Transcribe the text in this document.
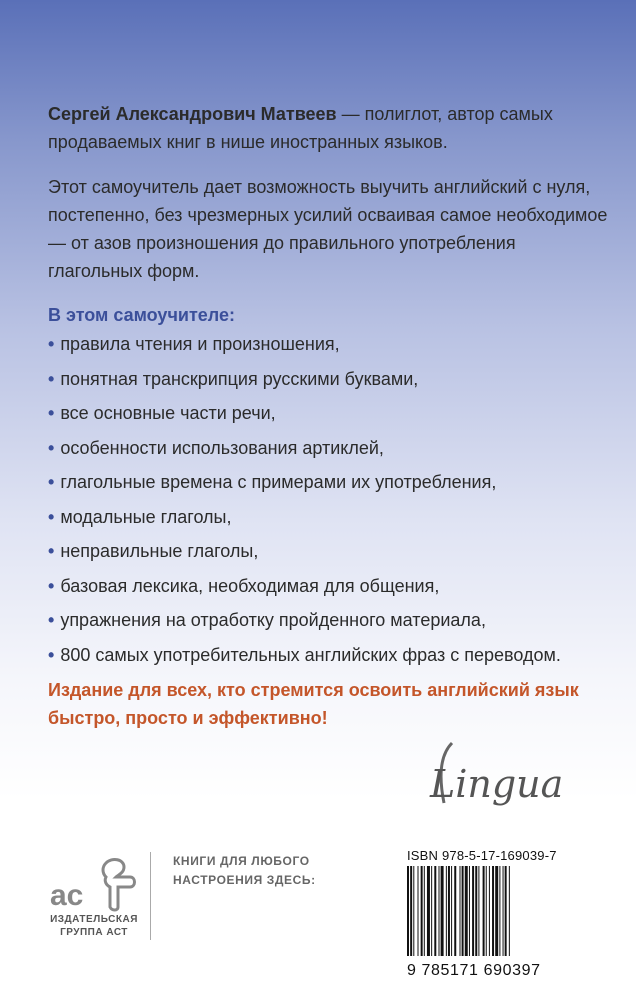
Сергей Александрович Матвеев — полиглот, автор самых продаваемых книг в нише иностранных языков.
Этот самоучитель дает возможность выучить английский с нуля, постепенно, без чрезмерных усилий осваивая самое необходимое — от азов произношения до правильного употребления глагольных форм.
В этом самоучителе:
• правила чтения и произношения,
• понятная транскрипция русскими буквами,
• все основные части речи,
• особенности использования артиклей,
• глагольные времена с примерами их употребления,
• модальные глаголы,
• неправильные глаголы,
• базовая лексика, необходимая для общения,
• упражнения на отработку пройденного материала,
• 800 самых употребительных английских фраз с переводом.
Издание для всех, кто стремится освоить английский язык быстро, просто и эффективно!
Lingua
ac
ИЗДАТЕЛЬСКАЯ
ГРУППА АСТ
КНИГИ ДЛЯ ЛЮБОГО
НАСТРОЕНИЯ ЗДЕСЬ:
ISBN 978-5-17-169039-7
9 785171 690397
